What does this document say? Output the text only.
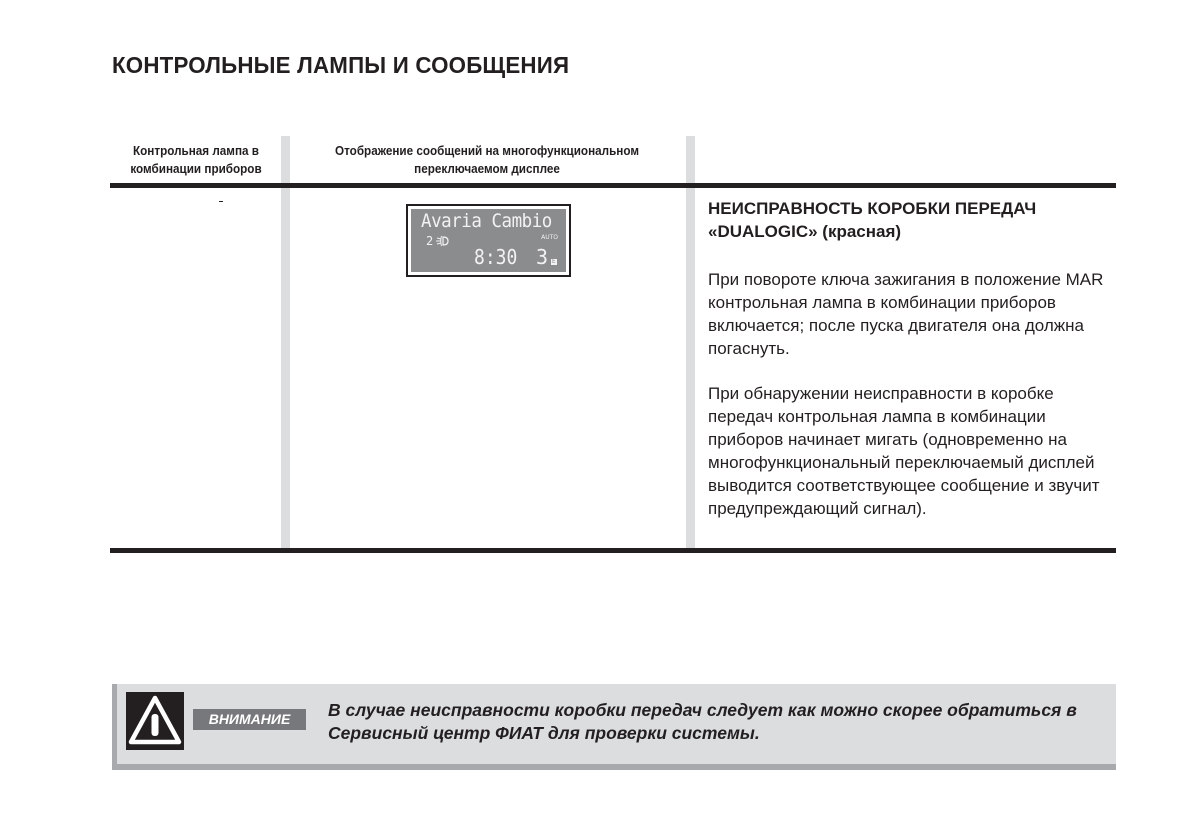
КОНТРОЛЬНЫЕ ЛАМПЫ И СООБЩЕНИЯ
Контрольная лампа в комбинации приборов
Отображение сообщений на многофункциональном переключаемом дисплее
Avaria Cambio
2	AUTO
8:30 3 E
НЕИСПРАВНОСТЬ КОРОБКИ ПЕРЕДАЧ «DUALOGIC» (красная)

При повороте ключа зажигания в положение MAR контрольная лампа в комбинации приборов включается; после пуска двигателя она должна погаснуть.

При обнаружении неисправности в коробке передач контрольная лампа в комбинации приборов начинает мигать (одновременно на многофункциональный переключаемый дисплей выводится соответствующее сообщение и звучит предупреждающий сигнал).

ВНИМАНИЕ	В случае неисправности коробки передач следует как можно скорее обратиться в Сервисный центр ФИАТ для проверки системы.
